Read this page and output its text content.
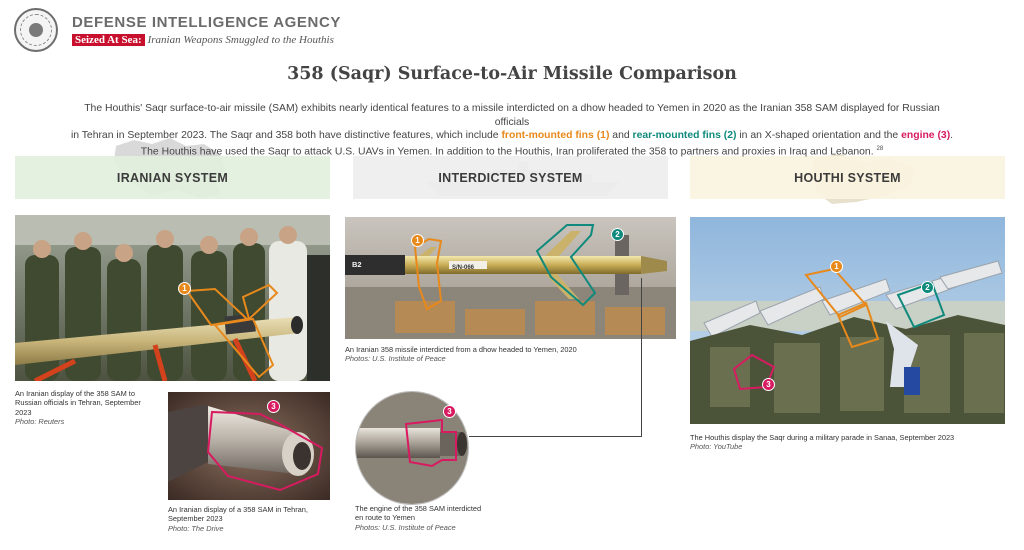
DEFENSE INTELLIGENCE AGENCY
Seized At Sea: Iranian Weapons Smuggled to the Houthis
358 (Saqr) Surface-to-Air Missile Comparison
The Houthis' Saqr surface-to-air missile (SAM) exhibits nearly identical features to a missile interdicted on a dhow headed to Yemen in 2020 as the Iranian 358 SAM displayed for Russian officials
in Tehran in September 2023. The Saqr and 358 both have distinctive features, which include front-mounted fins (1) and rear-mounted fins (2) in an X-shaped orientation and the engine (3).
The Houthis have used the Saqr to attack U.S. UAVs in Yemen. In addition to the Houthis, Iran proliferated the 358 to partners and proxies in Iraq and Lebanon. $^{28}$
IRANIAN SYSTEM	INTERDICTED SYSTEM	HOUTHI SYSTEM
1
An Iranian display of the 358 SAM to Russian officials in Tehran, September 2023
Photo: Reuters
3
An Iranian display of a 358 SAM in Tehran, September 2023
Photo: The Drive
B2	S/N-066
1
2
An Iranian 358 missile interdicted from a dhow headed to Yemen, 2020
Photos: U.S. Institute of Peace
3
The engine of the 358 SAM interdicted en route to Yemen
Photos: U.S. Institute of Peace
1
2
3
The Houthis display the Saqr during a military parade in Sanaa, September 2023
Photo: YouTube
